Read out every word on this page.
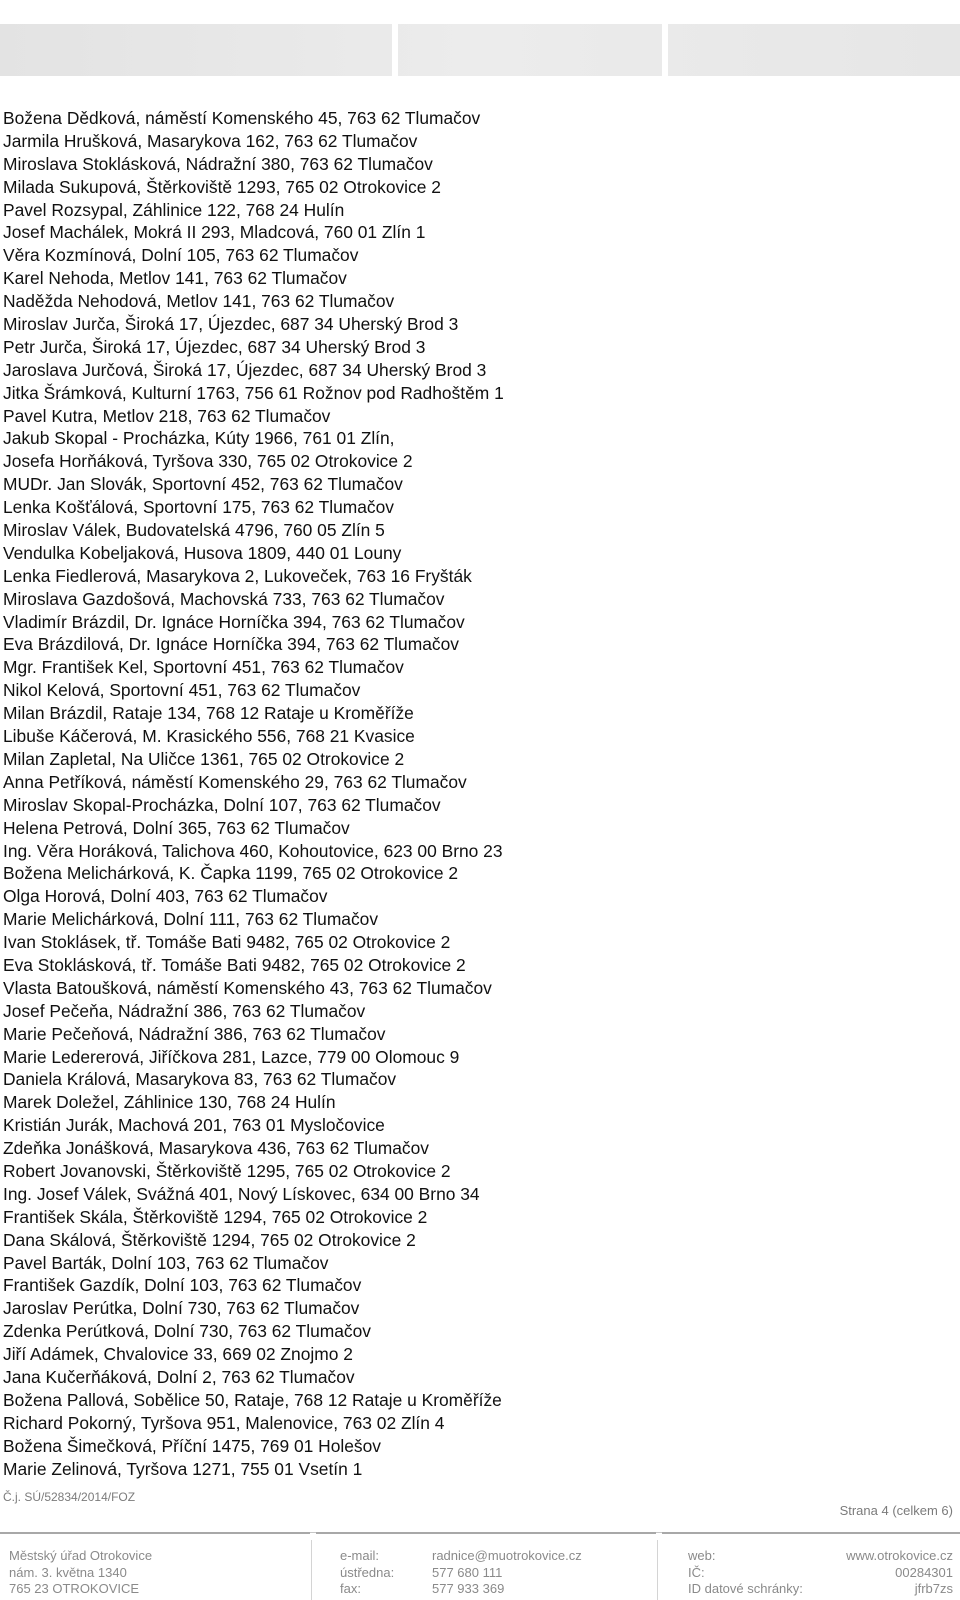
Božena Dědková, náměstí Komenského 45, 763 62 Tlumačov
Jarmila Hrušková, Masarykova 162, 763 62 Tlumačov
Miroslava Stoklásková, Nádražní 380, 763 62 Tlumačov
Milada Sukupová, Štěrkoviště 1293, 765 02 Otrokovice 2
Pavel Rozsypal, Záhlinice 122, 768 24 Hulín
Josef Machálek, Mokrá II 293, Mladcová, 760 01 Zlín 1
Věra Kozmínová, Dolní 105, 763 62 Tlumačov
Karel Nehoda, Metlov 141, 763 62 Tlumačov
Naděžda Nehodová, Metlov 141, 763 62 Tlumačov
Miroslav Jurča, Široká 17, Újezdec, 687 34 Uherský Brod 3
Petr Jurča, Široká 17, Újezdec, 687 34 Uherský Brod 3
Jaroslava Jurčová, Široká 17, Újezdec, 687 34 Uherský Brod 3
Jitka Šrámková, Kulturní 1763, 756 61 Rožnov pod Radhoštěm 1
Pavel Kutra, Metlov 218, 763 62 Tlumačov
Jakub Skopal - Procházka, Kúty 1966, 761 01 Zlín,
Josefa Horňáková, Tyršova 330, 765 02 Otrokovice 2
MUDr. Jan Slovák, Sportovní 452, 763 62 Tlumačov
Lenka Košťálová, Sportovní 175, 763 62 Tlumačov
Miroslav Válek, Budovatelská 4796, 760 05 Zlín 5
Vendulka Kobeljaková, Husova 1809, 440 01 Louny
Lenka Fiedlerová, Masarykova 2, Lukoveček, 763 16 Fryšták
Miroslava Gazdošová, Machovská 733, 763 62 Tlumačov
Vladimír Brázdil, Dr. Ignáce Horníčka 394, 763 62 Tlumačov
Eva Brázdilová, Dr. Ignáce Horníčka 394, 763 62 Tlumačov
Mgr. František Kel, Sportovní 451, 763 62 Tlumačov
Nikol Kelová, Sportovní 451, 763 62 Tlumačov
Milan Brázdil, Rataje 134, 768 12 Rataje u Kroměříže
Libuše Káčerová, M. Krasického 556, 768 21 Kvasice
Milan Zapletal, Na Uličce 1361, 765 02 Otrokovice 2
Anna Petříková, náměstí Komenského 29, 763 62 Tlumačov
Miroslav Skopal-Procházka, Dolní 107, 763 62 Tlumačov
Helena Petrová, Dolní 365, 763 62 Tlumačov
Ing. Věra Horáková, Talichova 460, Kohoutovice, 623 00 Brno 23
Božena Melichárková, K. Čapka 1199, 765 02 Otrokovice 2
Olga Horová, Dolní 403, 763 62 Tlumačov
Marie Melichárková, Dolní 111, 763 62 Tlumačov
Ivan Stoklásek, tř. Tomáše Bati 9482, 765 02 Otrokovice 2
Eva Stoklásková, tř. Tomáše Bati 9482, 765 02 Otrokovice 2
Vlasta Batoušková, náměstí Komenského 43, 763 62 Tlumačov
Josef Pečeňa, Nádražní 386, 763 62 Tlumačov
Marie Pečeňová, Nádražní 386, 763 62 Tlumačov
Marie Ledererová, Jiříčkova 281, Lazce, 779 00 Olomouc 9
Daniela Králová, Masarykova 83, 763 62 Tlumačov
Marek Doležel, Záhlinice 130, 768 24 Hulín
Kristián Jurák, Machová 201, 763 01 Mysločovice
Zdeňka Jonášková, Masarykova 436, 763 62 Tlumačov
Robert Jovanovski, Štěrkoviště 1295, 765 02 Otrokovice 2
Ing. Josef Válek, Svážná 401, Nový Lískovec, 634 00 Brno 34
František Skála, Štěrkoviště 1294, 765 02 Otrokovice 2
Dana Skálová, Štěrkoviště 1294, 765 02 Otrokovice 2
Pavel Barták, Dolní 103, 763 62 Tlumačov
František Gazdík, Dolní 103, 763 62 Tlumačov
Jaroslav Perútka, Dolní 730, 763 62 Tlumačov
Zdenka Perútková, Dolní 730, 763 62 Tlumačov
Jiří Adámek, Chvalovice 33, 669 02 Znojmo 2
Jana Kučerňáková, Dolní 2, 763 62 Tlumačov
Božena Pallová, Sobělice 50, Rataje, 768 12 Rataje u Kroměříže
Richard Pokorný, Tyršova 951, Malenovice, 763 02 Zlín 4
Božena Šimečková, Příční 1475, 769 01 Holešov
Marie Zelinová, Tyršova 1271, 755 01 Vsetín 1
Č.j. SÚ/52834/2014/FOZ
Strana 4 (celkem 6)
Městský úřad Otrokovice
nám. 3. května 1340
765 23 OTROKOVICE
e-mail:
ústředna:
fax:
radnice@muotrokovice.cz
577 680 111
577 933 369
web:
IČ:
ID datové schránky:
www.otrokovice.cz
00284301
jfrb7zs
